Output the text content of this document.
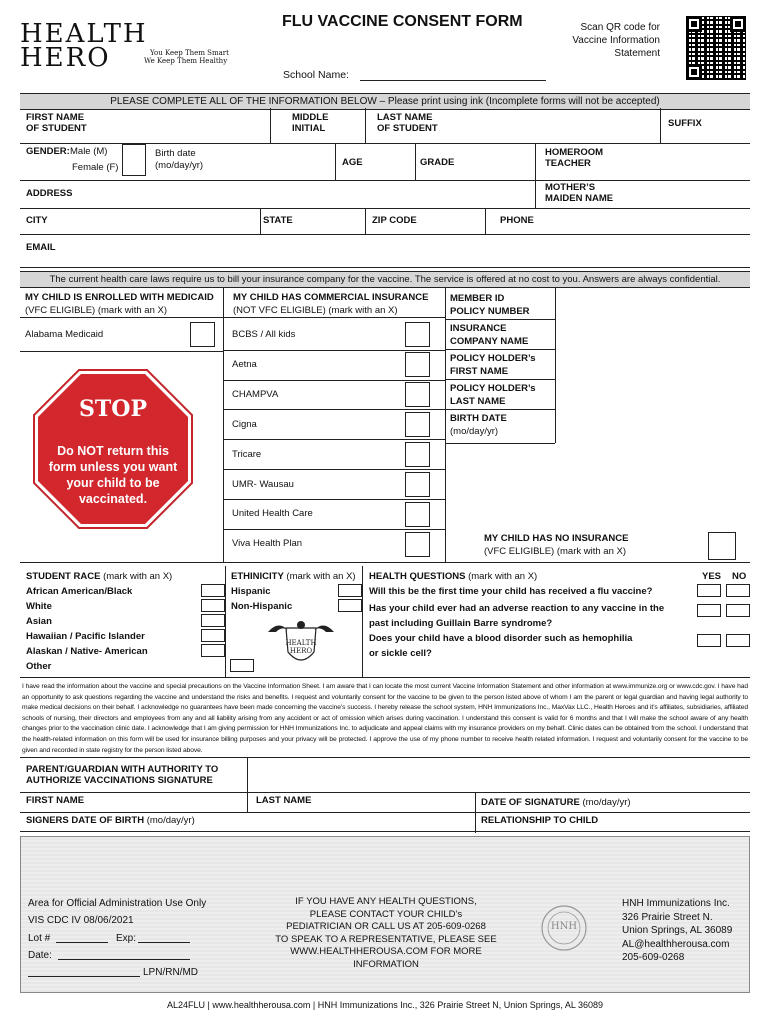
HEALTH
HERO	You Keep Them Smart
We Keep Them Healthy
FLU VACCINE CONSENT FORM	Scan QR code for
Vaccine Information
Statement
School Name:
PLEASE COMPLETE ALL OF THE INFORMATION BELOW – Please print using ink (Incomplete forms will not be accepted)
FIRST NAME
OF STUDENT
MIDDLE
INITIAL
LAST NAME
OF STUDENT	SUFFIX
GENDER: Male (M)
Female (F)
Birth date
(mo/day/yr)	AGE	GRADE
HOMEROOM
TEACHER
ADDRESS
MOTHER’S
MAIDEN NAME
CITY	STATE	ZIP CODE	PHONE
EMAIL
The current health care laws require us to bill your insurance company for the vaccine. The service is offered at no cost to you. Answers are always confidential.
MY CHILD IS ENROLLED WITH MEDICAID
(VFC ELIGIBLE) (mark with an X)
Alabama Medicaid
MY CHILD HAS COMMERCIAL INSURANCE
(NOT VFC ELIGIBLE) (mark with an X)
BCBS / All kids
Aetna
CHAMPVA
Cigna
Tricare
UMR- Wausau
United Health Care
Viva Health Plan
MEMBER ID
POLICY NUMBER
INSURANCE
COMPANY NAME
POLICY HOLDER’s
FIRST NAME
POLICY HOLDER’s
LAST NAME
BIRTH DATE
(mo/day/yr)
MY CHILD HAS NO INSURANCE
(VFC ELIGIBLE) (mark with an X)
STOP
Do NOT return this
form unless you want
your child to be
vaccinated.
STUDENT RACE (mark with an X)
African American/Black
White
Asian
Hawaiian / Pacific Islander
Alaskan / Native- American
Other
ETHINICITY (mark with an X)
Hispanic
Non-Hispanic
HEALTH
HERO
HEALTH QUESTIONS (mark with an X)	YES NO
Will this be the first time your child has received a flu vaccine?
Has your child ever had an adverse reaction to any vaccine in the
past including Guillain Barre syndrome?
Does your child have a blood disorder such as hemophilia
or sickle cell?
I have read the information about the vaccine and special precautions on the Vaccine Information Sheet. I am aware that I can locate the most current Vaccine Information Statement and other information at www.immunize.org or www.cdc.gov. I have had an opportunity to ask questions regarding the vaccine and understand the risks and benefits. I request and voluntarily consent for the vaccine to be given to the person listed above of whom I am the parent or legal guardian and having legal authority to make medical decisions on their behalf. I acknowledge no guarantees have been made concerning the vaccine’s success. I hereby release the school system, HNH Immunizations Inc., MaxVax LLC., Health Heroes and it’s affiliates, subsidiaries, affiliated schools of nursing, their directors and employees from any and all liability arising from any accident or act of omission which arises during vaccination. I understand this consent is valid for 6 months and that I will make the school aware of any health changes prior to the vaccination clinic date. I acknowledge that I am giving permission for HNH Immunizations Inc. to adjudicate and appeal claims with my insurance providers on my behalf. Clinic dates can be obtained from the school. I understand that the health-related information on this form will be used for insurance billing purposes and your privacy will be protected. I approve the use of my phone number to receive health related information. I request and voluntarily consent for the vaccine to be given and recorded in state registry for the person listed above.
PARENT/GUARDIAN WITH AUTHORITY TO
AUTHORIZE VACCINATIONS SIGNATURE
FIRST NAME	LAST NAME	DATE OF SIGNATURE (mo/day/yr)
SIGNERS DATE OF BIRTH (mo/day/yr)	RELATIONSHIP TO CHILD
Area for Official Administration Use Only
VIS CDC IV 08/06/2021
Lot #	Exp:
Date:
LPN/RN/MD
IF YOU HAVE ANY HEALTH QUESTIONS,
PLEASE CONTACT YOUR CHILD’s
PEDIATRICIAN OR CALL US AT 205-609-0268
TO SPEAK TO A REPRESENTATIVE, PLEASE SEE
WWW.HEALTHHEROUSA.COM FOR MORE
INFORMATION
HNH
HNH Immunizations Inc.
326 Prairie Street N.
Union Springs, AL 36089
AL@healthherousa.com
205-609-0268
AL24FLU | www.healthherousa.com | HNH Immunizations Inc., 326 Prairie Street N, Union Springs, AL 36089
